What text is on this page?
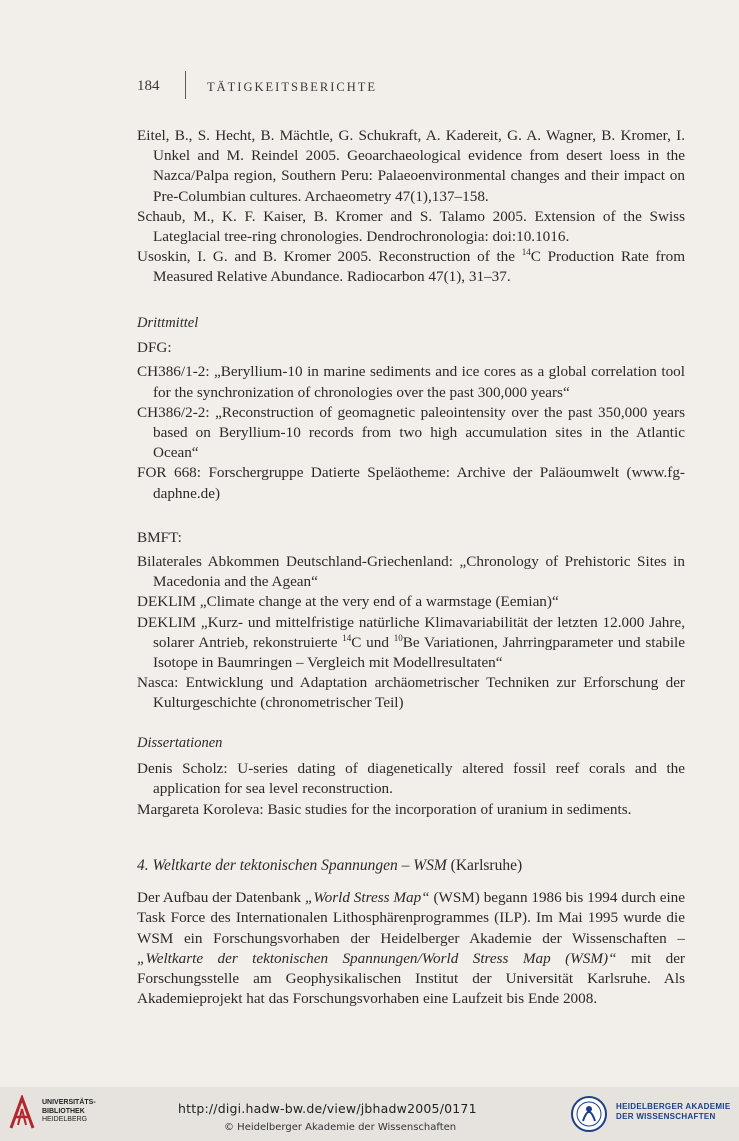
184	TÄTIGKEITSBERICHTE

Eitel, B., S. Hecht, B. Mächtle, G. Schukraft, A. Kadereit, G. A. Wagner, B. Kromer, I. Unkel and M. Reindel 2005. Geoarchaeological evidence from desert loess in the Nazca/Palpa region, Southern Peru: Palaeoenvironmental changes and their impact on Pre-Columbian cultures. Archaeometry 47(1),137–158.

Schaub, M., K. F. Kaiser, B. Kromer and S. Talamo 2005. Extension of the Swiss Lateglacial tree-ring chronologies. Dendrochronologia: doi:10.1016.

Usoskin, I. G. and B. Kromer 2005. Reconstruction of the $^{14}$C Production Rate from Measured Relative Abundance. Radiocarbon 47(1), 31–37.

Drittmittel

DFG:

CH386/1-2: „Beryllium-10 in marine sediments and ice cores as a global correlation tool for the synchronization of chronologies over the past 300,000 years“

CH386/2-2: „Reconstruction of geomagnetic paleointensity over the past 350,000 years based on Beryllium-10 records from two high accumulation sites in the Atlantic Ocean“

FOR 668: Forschergruppe Datierte Speläotheme: Archive der Paläoumwelt (www.fg-daphne.de)

BMFT:

Bilaterales Abkommen Deutschland-Griechenland: „Chronology of Prehistoric Sites in Macedonia and the Agean“

DEKLIM „Climate change at the very end of a warmstage (Eemian)“

DEKLIM „Kurz- und mittelfristige natürliche Klimavariabilität der letzten 12.000 Jahre, solarer Antrieb, rekonstruierte $^{14}$C und $^{10}$Be Variationen, Jahrringparameter und stabile Isotope in Baumringen – Vergleich mit Modellresultaten“

Nasca: Entwicklung und Adaptation archäometrischer Techniken zur Erforschung der Kulturgeschichte (chronometrischer Teil)

Dissertationen

Denis Scholz: U-series dating of diagenetically altered fossil reef corals and the application for sea level reconstruction.

Margareta Koroleva: Basic studies for the incorporation of uranium in sediments.

4. Weltkarte der tektonischen Spannungen – WSM (Karlsruhe)

Der Aufbau der Datenbank „World Stress Map“ (WSM) begann 1986 bis 1994 durch eine Task Force des Internationalen Lithosphärenprogrammes (ILP). Im Mai 1995 wurde die WSM ein Forschungsvorhaben der Heidelberger Akademie der Wissenschaften – „Weltkarte der tektonischen Spannungen/World Stress Map (WSM)“ mit der Forschungsstelle am Geophysikalischen Institut der Universität Karlsruhe. Als Akademieprojekt hat das Forschungsvorhaben eine Laufzeit bis Ende 2008.

UNIVERSITÄTS-
BIBLIOTHEK
HEIDELBERG
http://digi.hadw-bw.de/view/jbhadw2005/0171
© Heidelberger Akademie der Wissenschaften
HEIDELBERGER AKADEMIE
DER WISSENSCHAFTEN
